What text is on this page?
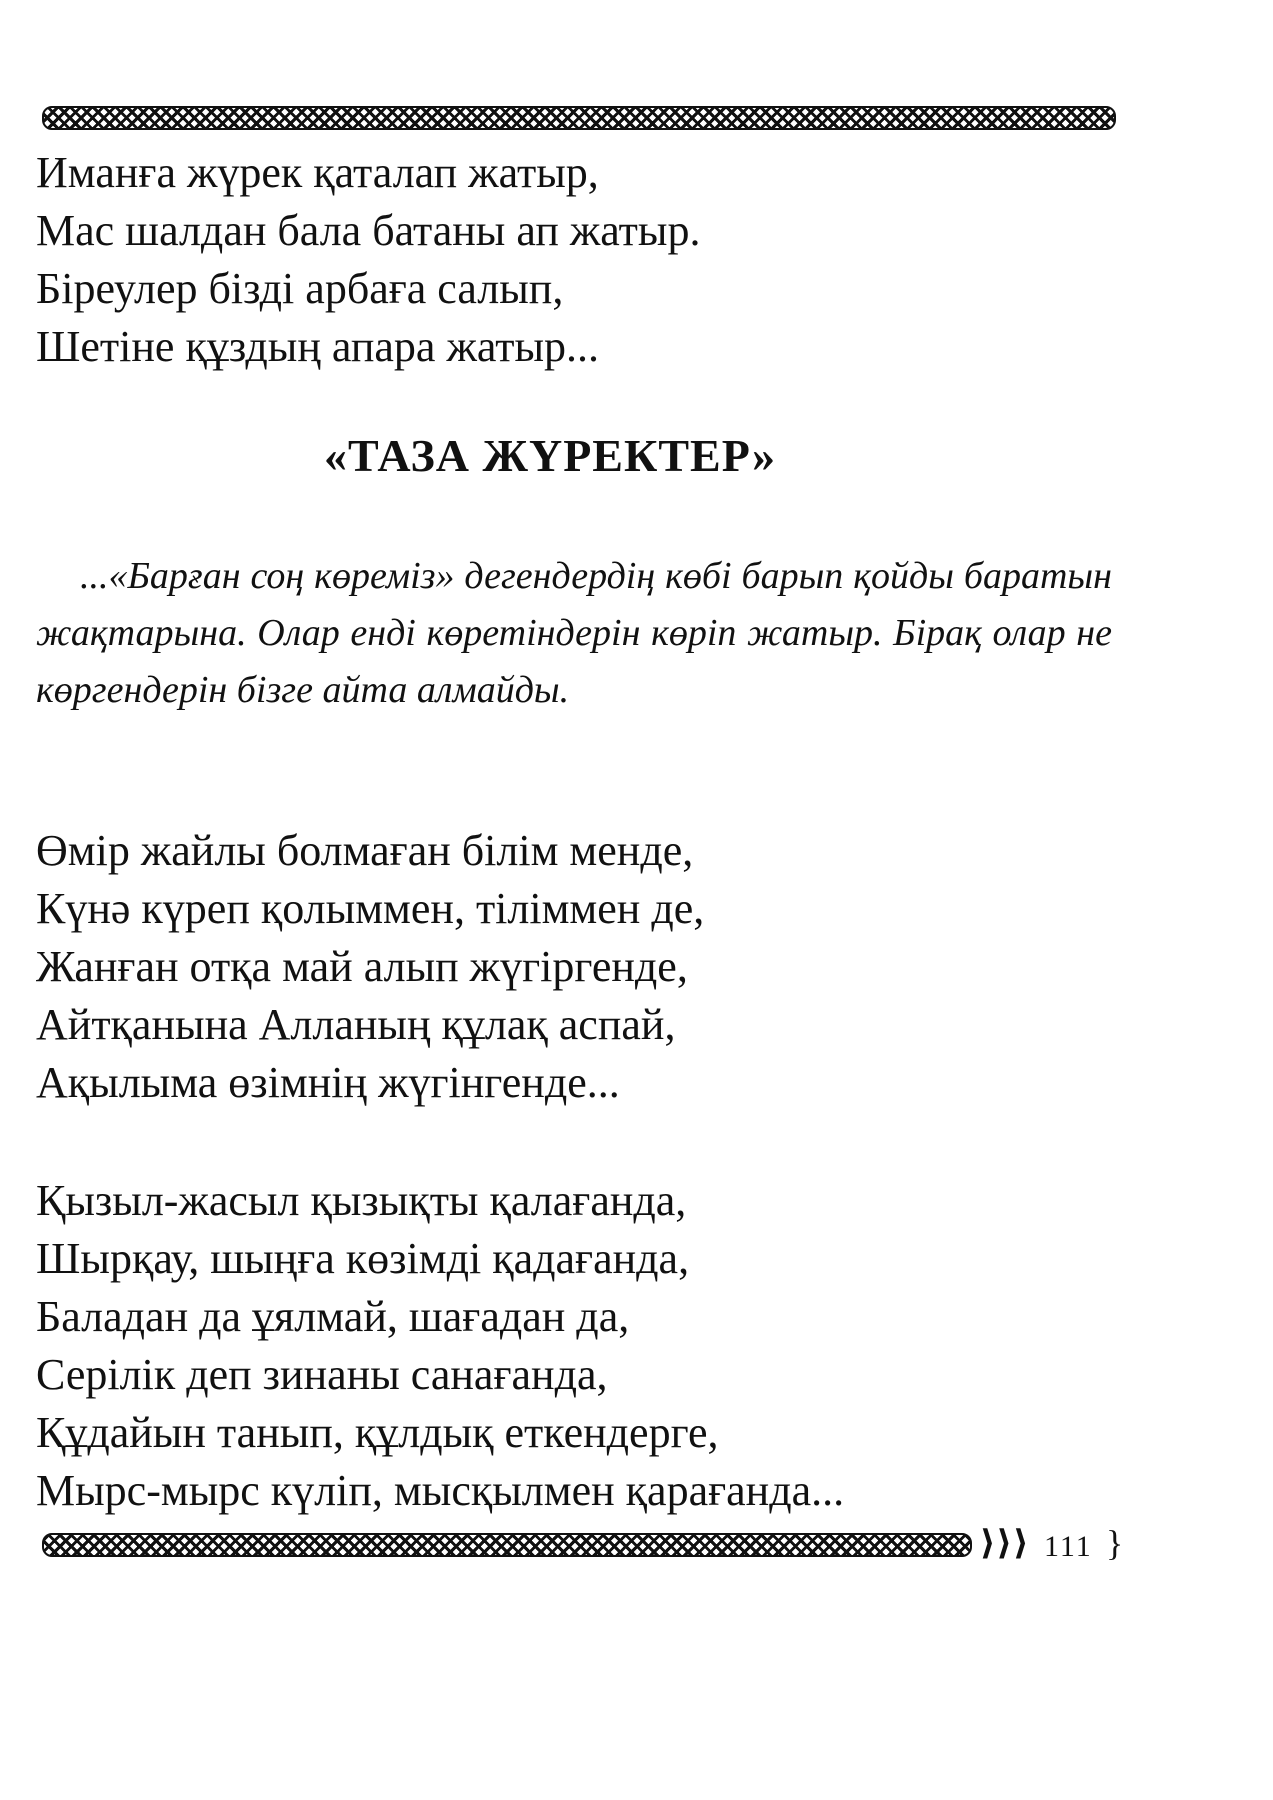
Иманға жүрек қаталап жатыр,
Мас шалдан бала батаны ап жатыр.
Біреулер бізді арбаға салып,
Шетіне құздың апара жатыр...

«ТАЗА ЖҮРЕКТЕР»

...«Барған соң көреміз» дегендердің көбі барып қойды баратын жақтарына. Олар енді көретіндерін көріп жатыр. Бірақ олар не көргендерін бізге айта алмайды.

Өмір жайлы болмаған білім менде,
Күнә күреп қолыммен, тіліммен де,
Жанған отқа май алып жүгіргенде,
Айтқанына Алланың құлақ аспай,
Ақылыма өзімнің жүгінгенде...

Қызыл-жасыл қызықты қалағанда,
Шырқау, шыңға көзімді қадағанда,
Баладан да ұялмай, шағадан да,
Серілік деп зинаны санағанда,
Құдайын танып, құлдық еткендерге,
Мырс-мырс күліп, мысқылмен қарағанда...

⟩⟩⟩ 111 }
